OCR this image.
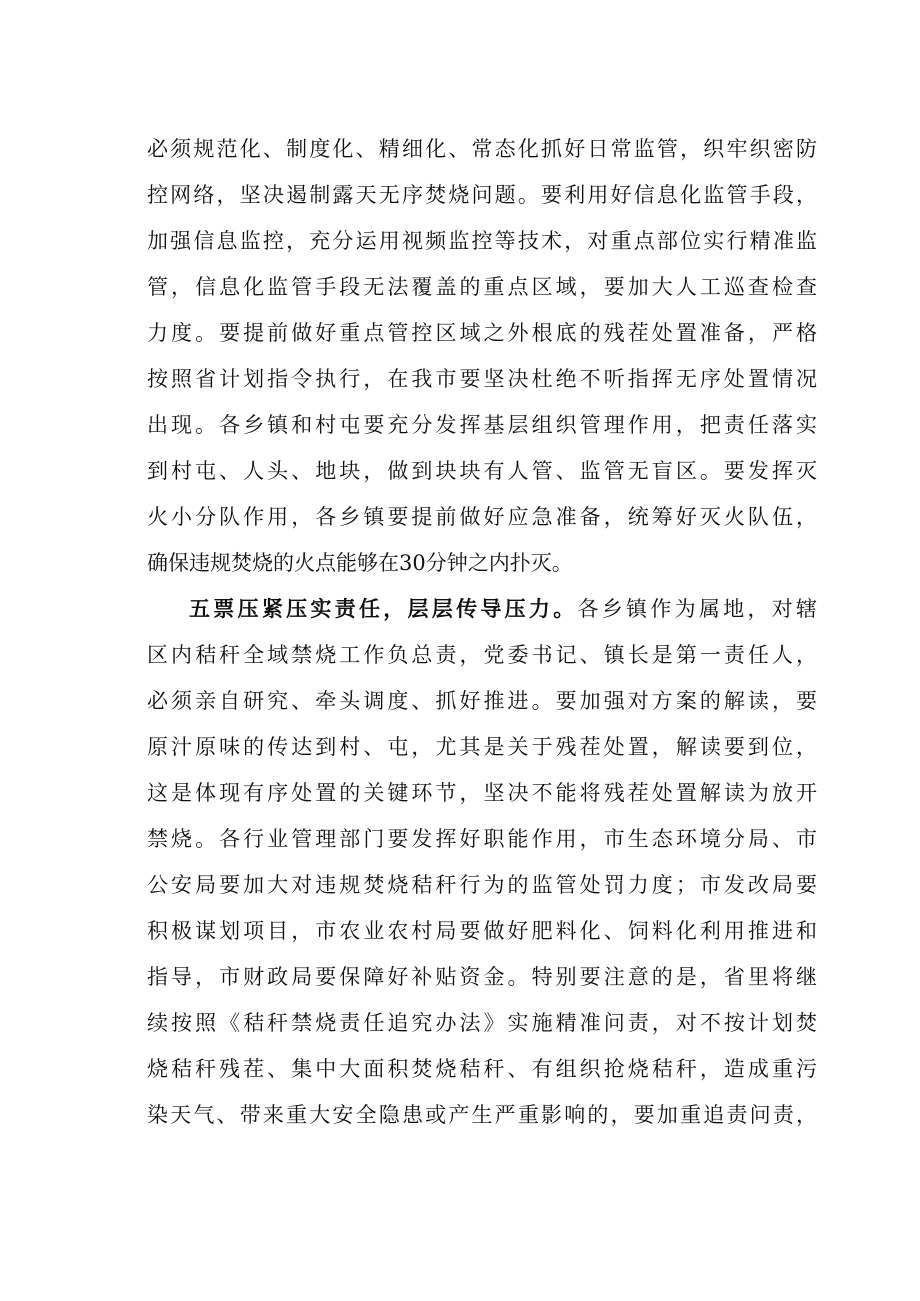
必须规范化、制度化、精细化、常态化抓好日常监管，织牢织密防
控网络，坚决遏制露天无序焚烧问题。要利用好信息化监管手段，
加强信息监控，充分运用视频监控等技术，对重点部位实行精准监
管，信息化监管手段无法覆盖的重点区域，要加大人工巡查检查
力度。要提前做好重点管控区域之外根底的残茬处置准备，严格
按照省计划指令执行，在我市要坚决杜绝不听指挥无序处置情况
出现。各乡镇和村屯要充分发挥基层组织管理作用，把责任落实
到村屯、人头、地块，做到块块有人管、监管无盲区。要发挥灭
火小分队作用，各乡镇要提前做好应急准备，统筹好灭火队伍，
确保违规焚烧的火点能够在30分钟之内扑灭。
五票压紧压实责任，层层传导压力。各乡镇作为属地，对辖
区内秸秆全域禁烧工作负总责，党委书记、镇长是第一责任人，
必须亲自研究、牵头调度、抓好推进。要加强对方案的解读，要
原汁原味的传达到村、屯，尤其是关于残茬处置，解读要到位，
这是体现有序处置的关键环节，坚决不能将残茬处置解读为放开
禁烧。各行业管理部门要发挥好职能作用，市生态环境分局、市
公安局要加大对违规焚烧秸秆行为的监管处罚力度；市发改局要
积极谋划项目，市农业农村局要做好肥料化、饲料化利用推进和
指导，市财政局要保障好补贴资金。特别要注意的是，省里将继
续按照《秸秆禁烧责任追究办法》实施精准问责，对不按计划焚
烧秸秆残茬、集中大面积焚烧秸秆、有组织抢烧秸秆，造成重污
染天气、带来重大安全隐患或产生严重影响的，要加重追责问责，
